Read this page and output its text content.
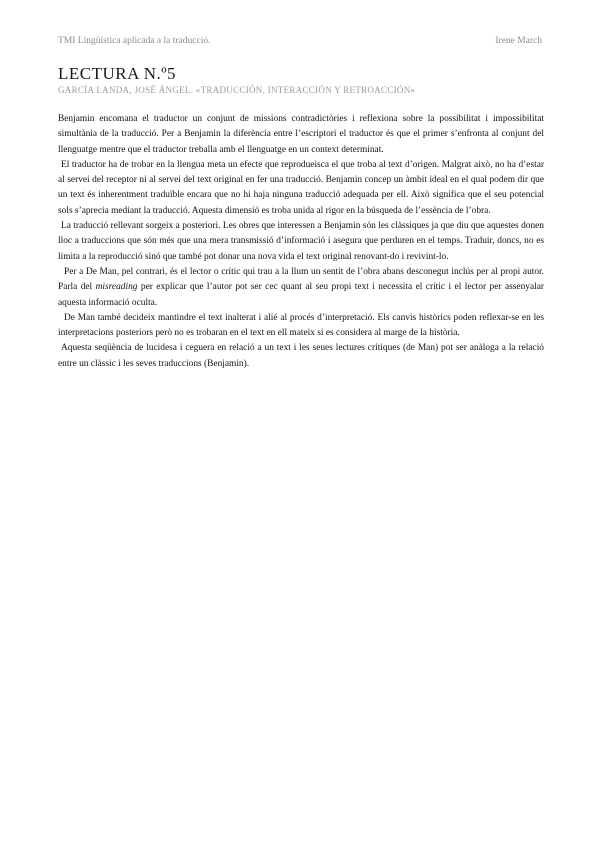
TMI Lingüística aplicada a la traducció.	Irene March
LECTURA N.º5
GARCÍA LANDA, JOSÉ ÁNGEL. «TRADUCCIÓN, INTERACCIÓN Y RETROACCIÓN»

Benjamin encomana el traductor un conjunt de missions contradictòries i reflexiona sobre la possibilitat i impossibilitat simultània de la traducció. Per a Benjamin la diferència entre l’escriptori el traductor és que el primer s’enfronta al conjunt del llenguatge mentre que el traductor treballa amb el llenguatge en un context determinat.

El traductor ha de trobar en la llengua meta un efecte que reprodueisca el que troba al text d’origen. Malgrat això, no ha d’estar al servei del receptor ni al servei del text original en fer una traducció. Benjamin concep un àmbit ideal en el qual podem dir que un text és inherentment traduïble encara que no hi haja ninguna traducció adequada per ell. Això significa que el seu potencial sols s’aprecia mediant la traducció. Aquesta dimensió es troba unida al rigor en la búsqueda de l’essència de l’obra.

La traducció rellevant sorgeix a posteriori. Les obres que interessen a Benjamin són les clàssiques ja que diu que aquestes donen lloc a traduccions que són més que una mera transmissió d’informació i asegura que perduren en el temps. Traduir, doncs, no es limita a la reproducció sinó que també pot donar una nova vida el text original renovant-do i revivint-lo.

Per a De Man, pel contrari, és el lector o crític qui trau a la llum un sentit de l’obra abans desconegut inclús per al propi autor. Parla del misreading per explicar que l’autor pot ser cec quant al seu propi text i necessita el crític i el lector per assenyalar aquesta informació oculta.

De Man també decideix mantindre el text inalterat i alié al procés d’interpretació. Els canvis històrics poden reflexar-se en les interpretacions posteriors però no es trobaran en el text en ell mateix si es considera al marge de la història.

Aquesta seqüència de lucidesa i ceguera en relació a un text i les seues lectures crítiques (de Man) pot ser anàloga a la relació entre un clàssic i les seves traduccions (Benjamin).
